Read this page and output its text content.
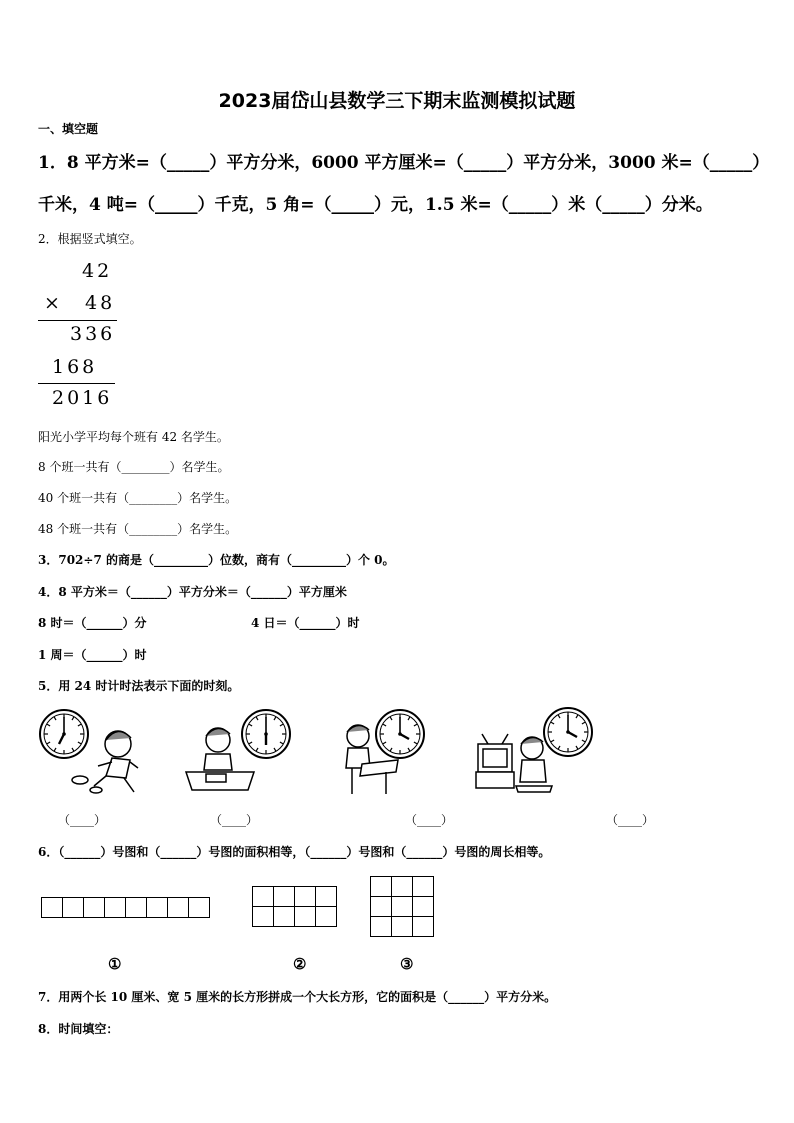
2023届岱山县数学三下期末监测模拟试题
一、填空题
1．8 平方米=（_____）平方分米，6000 平方厘米=（_____）平方分米，3000 米=（_____）
千米，4 吨=（_____）千克，5 角=（_____）元，1.5 米=（_____）米（_____）分米。
2．根据竖式填空。
42
× 48
336
168
2016
阳光小学平均每个班有 42 名学生。
8 个班一共有（________）名学生。
40 个班一共有（________）名学生。
48 个班一共有（________）名学生。
3．702÷7 的商是（_________）位数，商有（_________）个 0。
4．8 平方米＝（______）平方分米＝（______）平方厘米
8 时＝（______）分	4 日＝（______）时
1 周＝（______）时
5．用 24 时计时法表示下面的时刻。
（____）	（____）	（____）	（____）
6．（______）号图和（______）号图的面积相等，（______）号图和（______）号图的周长相等。

①	②	③
7．用两个长 10 厘米、宽 5 厘米的长方形拼成一个大长方形，它的面积是（______）平方分米。
8．时间填空：
